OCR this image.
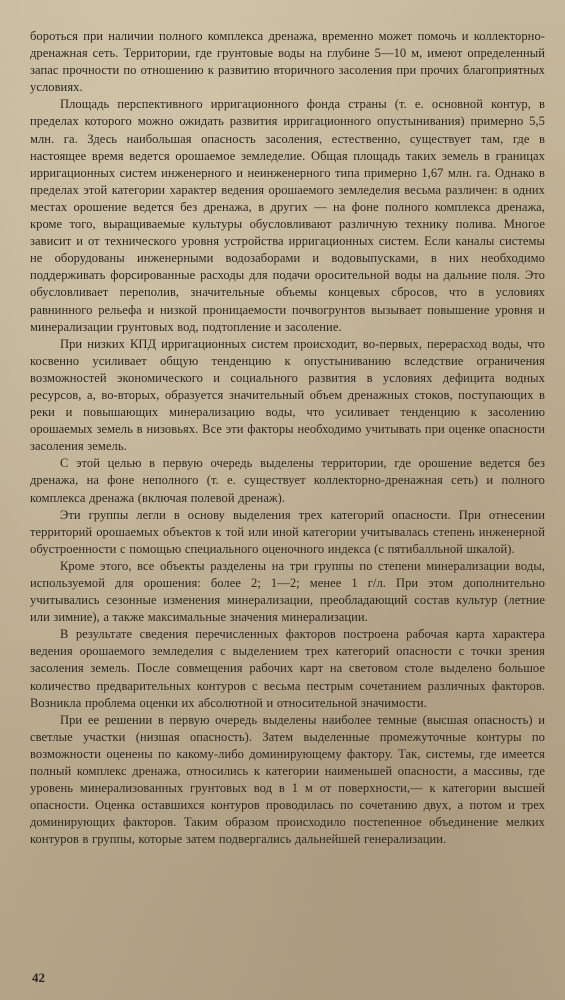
бороться при наличии полного комплекса дренажа, временно может помочь и коллекторно-дренажная сеть. Территории, где грунтовые воды на глубине 5—10 м, имеют определенный запас прочности по отношению к развитию вторичного засоления при прочих благоприятных условиях.

Площадь перспективного ирригационного фонда страны (т. е. основной контур, в пределах которого можно ожидать развития ирригационного опустынивания) примерно 5,5 млн. га. Здесь наибольшая опасность засоления, естественно, существует там, где в настоящее время ведется орошаемое земледелие. Общая площадь таких земель в границах ирригационных систем инженерного и неинженерного типа примерно 1,67 млн. га. Однако в пределах этой категории характер ведения орошаемого земледелия весьма различен: в одних местах орошение ведется без дренажа, в других — на фоне полного комплекса дренажа, кроме того, выращиваемые культуры обусловливают различную технику полива. Многое зависит и от технического уровня устройства ирригационных систем. Если каналы системы не оборудованы инженерными водозаборами и водовыпусками, в них необходимо поддерживать форсированные расходы для подачи оросительной воды на дальние поля. Это обусловливает переполив, значительные объемы концевых сбросов, что в условиях равнинного рельефа и низкой проницаемости почвогрунтов вызывает повышение уровня и минерализации грунтовых вод, подтопление и засоление.

При низких КПД ирригационных систем происходит, во-первых, перерасход воды, что косвенно усиливает общую тенденцию к опустыниванию вследствие ограничения возможностей экономического и социального развития в условиях дефицита водных ресурсов, а, во-вторых, образуется значительный объем дренажных стоков, поступающих в реки и повышающих минерализацию воды, что усиливает тенденцию к засолению орошаемых земель в низовьях. Все эти факторы необходимо учитывать при оценке опасности засоления земель.

С этой целью в первую очередь выделены территории, где орошение ведется без дренажа, на фоне неполного (т. е. существует коллекторно-дренажная сеть) и полного комплекса дренажа (включая полевой дренаж).

Эти группы легли в основу выделения трех категорий опасности. При отнесении территорий орошаемых объектов к той или иной категории учитывалась степень инженерной обустроенности с помощью специального оценочного индекса (с пятибалльной шкалой).

Кроме этого, все объекты разделены на три группы по степени минерализации воды, используемой для орошения: более 2; 1—2; менее 1 г/л. При этом дополнительно учитывались сезонные изменения минерализации, преобладающий состав культур (летние или зимние), а также максимальные значения минерализации.

В результате сведения перечисленных факторов построена рабочая карта характера ведения орошаемого земледелия с выделением трех категорий опасности с точки зрения засоления земель. После совмещения рабочих карт на световом столе выделено большое количество предварительных контуров с весьма пестрым сочетанием различных факторов. Возникла проблема оценки их абсолютной и относительной значимости.

При ее решении в первую очередь выделены наиболее темные (высшая опасность) и светлые участки (низшая опасность). Затем выделенные промежуточные контуры по возможности оценены по какому-либо доминирующему фактору. Так, системы, где имеется полный комплекс дренажа, относились к категории наименьшей опасности, а массивы, где уровень минерализованных грунтовых вод в 1 м от поверхности,— к категории высшей опасности. Оценка оставшихся контуров проводилась по сочетанию двух, а потом и трех доминирующих факторов. Таким образом происходило постепенное объединение мелких контуров в группы, которые затем подвергались дальнейшей генерализации.

42
